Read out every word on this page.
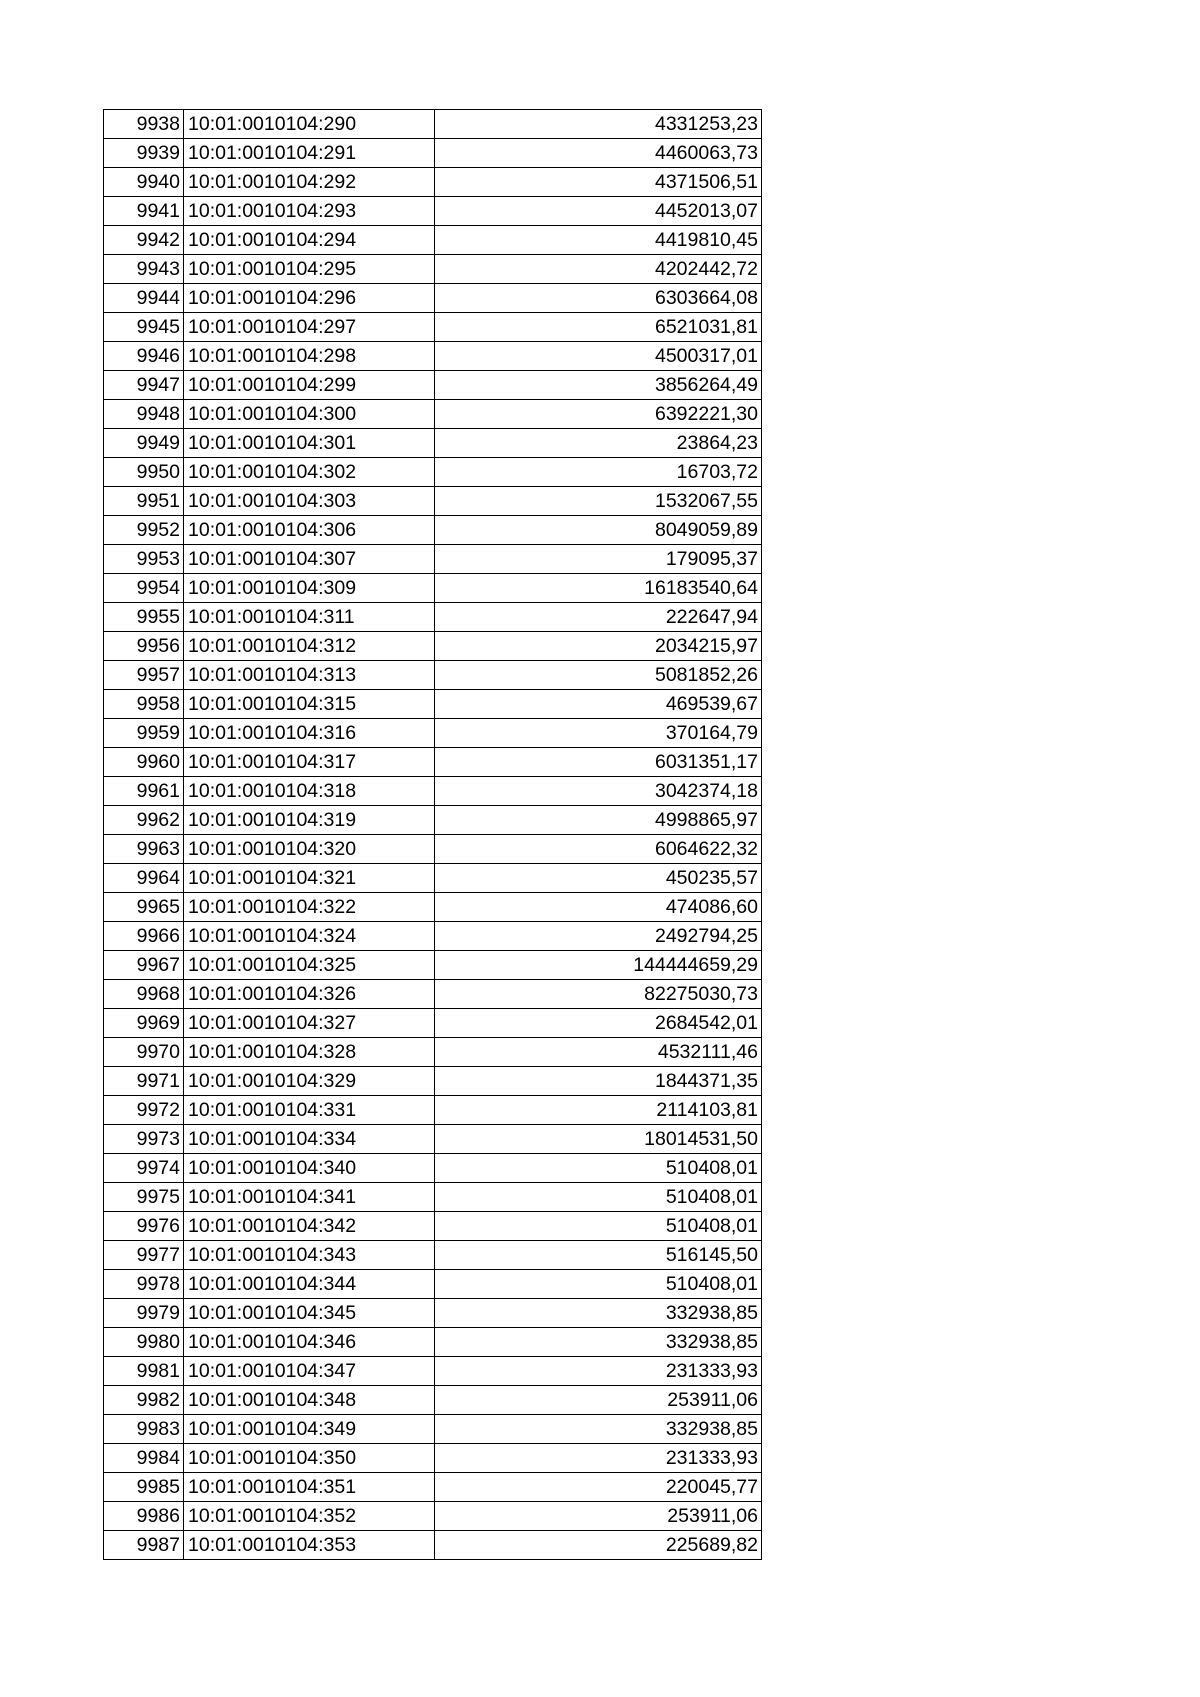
9938	10:01:0010104:290	4331253,23
9939	10:01:0010104:291	4460063,73
9940	10:01:0010104:292	4371506,51
9941	10:01:0010104:293	4452013,07
9942	10:01:0010104:294	4419810,45
9943	10:01:0010104:295	4202442,72
9944	10:01:0010104:296	6303664,08
9945	10:01:0010104:297	6521031,81
9946	10:01:0010104:298	4500317,01
9947	10:01:0010104:299	3856264,49
9948	10:01:0010104:300	6392221,30
9949	10:01:0010104:301	23864,23
9950	10:01:0010104:302	16703,72
9951	10:01:0010104:303	1532067,55
9952	10:01:0010104:306	8049059,89
9953	10:01:0010104:307	179095,37
9954	10:01:0010104:309	16183540,64
9955	10:01:0010104:311	222647,94
9956	10:01:0010104:312	2034215,97
9957	10:01:0010104:313	5081852,26
9958	10:01:0010104:315	469539,67
9959	10:01:0010104:316	370164,79
9960	10:01:0010104:317	6031351,17
9961	10:01:0010104:318	3042374,18
9962	10:01:0010104:319	4998865,97
9963	10:01:0010104:320	6064622,32
9964	10:01:0010104:321	450235,57
9965	10:01:0010104:322	474086,60
9966	10:01:0010104:324	2492794,25
9967	10:01:0010104:325	144444659,29
9968	10:01:0010104:326	82275030,73
9969	10:01:0010104:327	2684542,01
9970	10:01:0010104:328	4532111,46
9971	10:01:0010104:329	1844371,35
9972	10:01:0010104:331	2114103,81
9973	10:01:0010104:334	18014531,50
9974	10:01:0010104:340	510408,01
9975	10:01:0010104:341	510408,01
9976	10:01:0010104:342	510408,01
9977	10:01:0010104:343	516145,50
9978	10:01:0010104:344	510408,01
9979	10:01:0010104:345	332938,85
9980	10:01:0010104:346	332938,85
9981	10:01:0010104:347	231333,93
9982	10:01:0010104:348	253911,06
9983	10:01:0010104:349	332938,85
9984	10:01:0010104:350	231333,93
9985	10:01:0010104:351	220045,77
9986	10:01:0010104:352	253911,06
9987	10:01:0010104:353	225689,82
